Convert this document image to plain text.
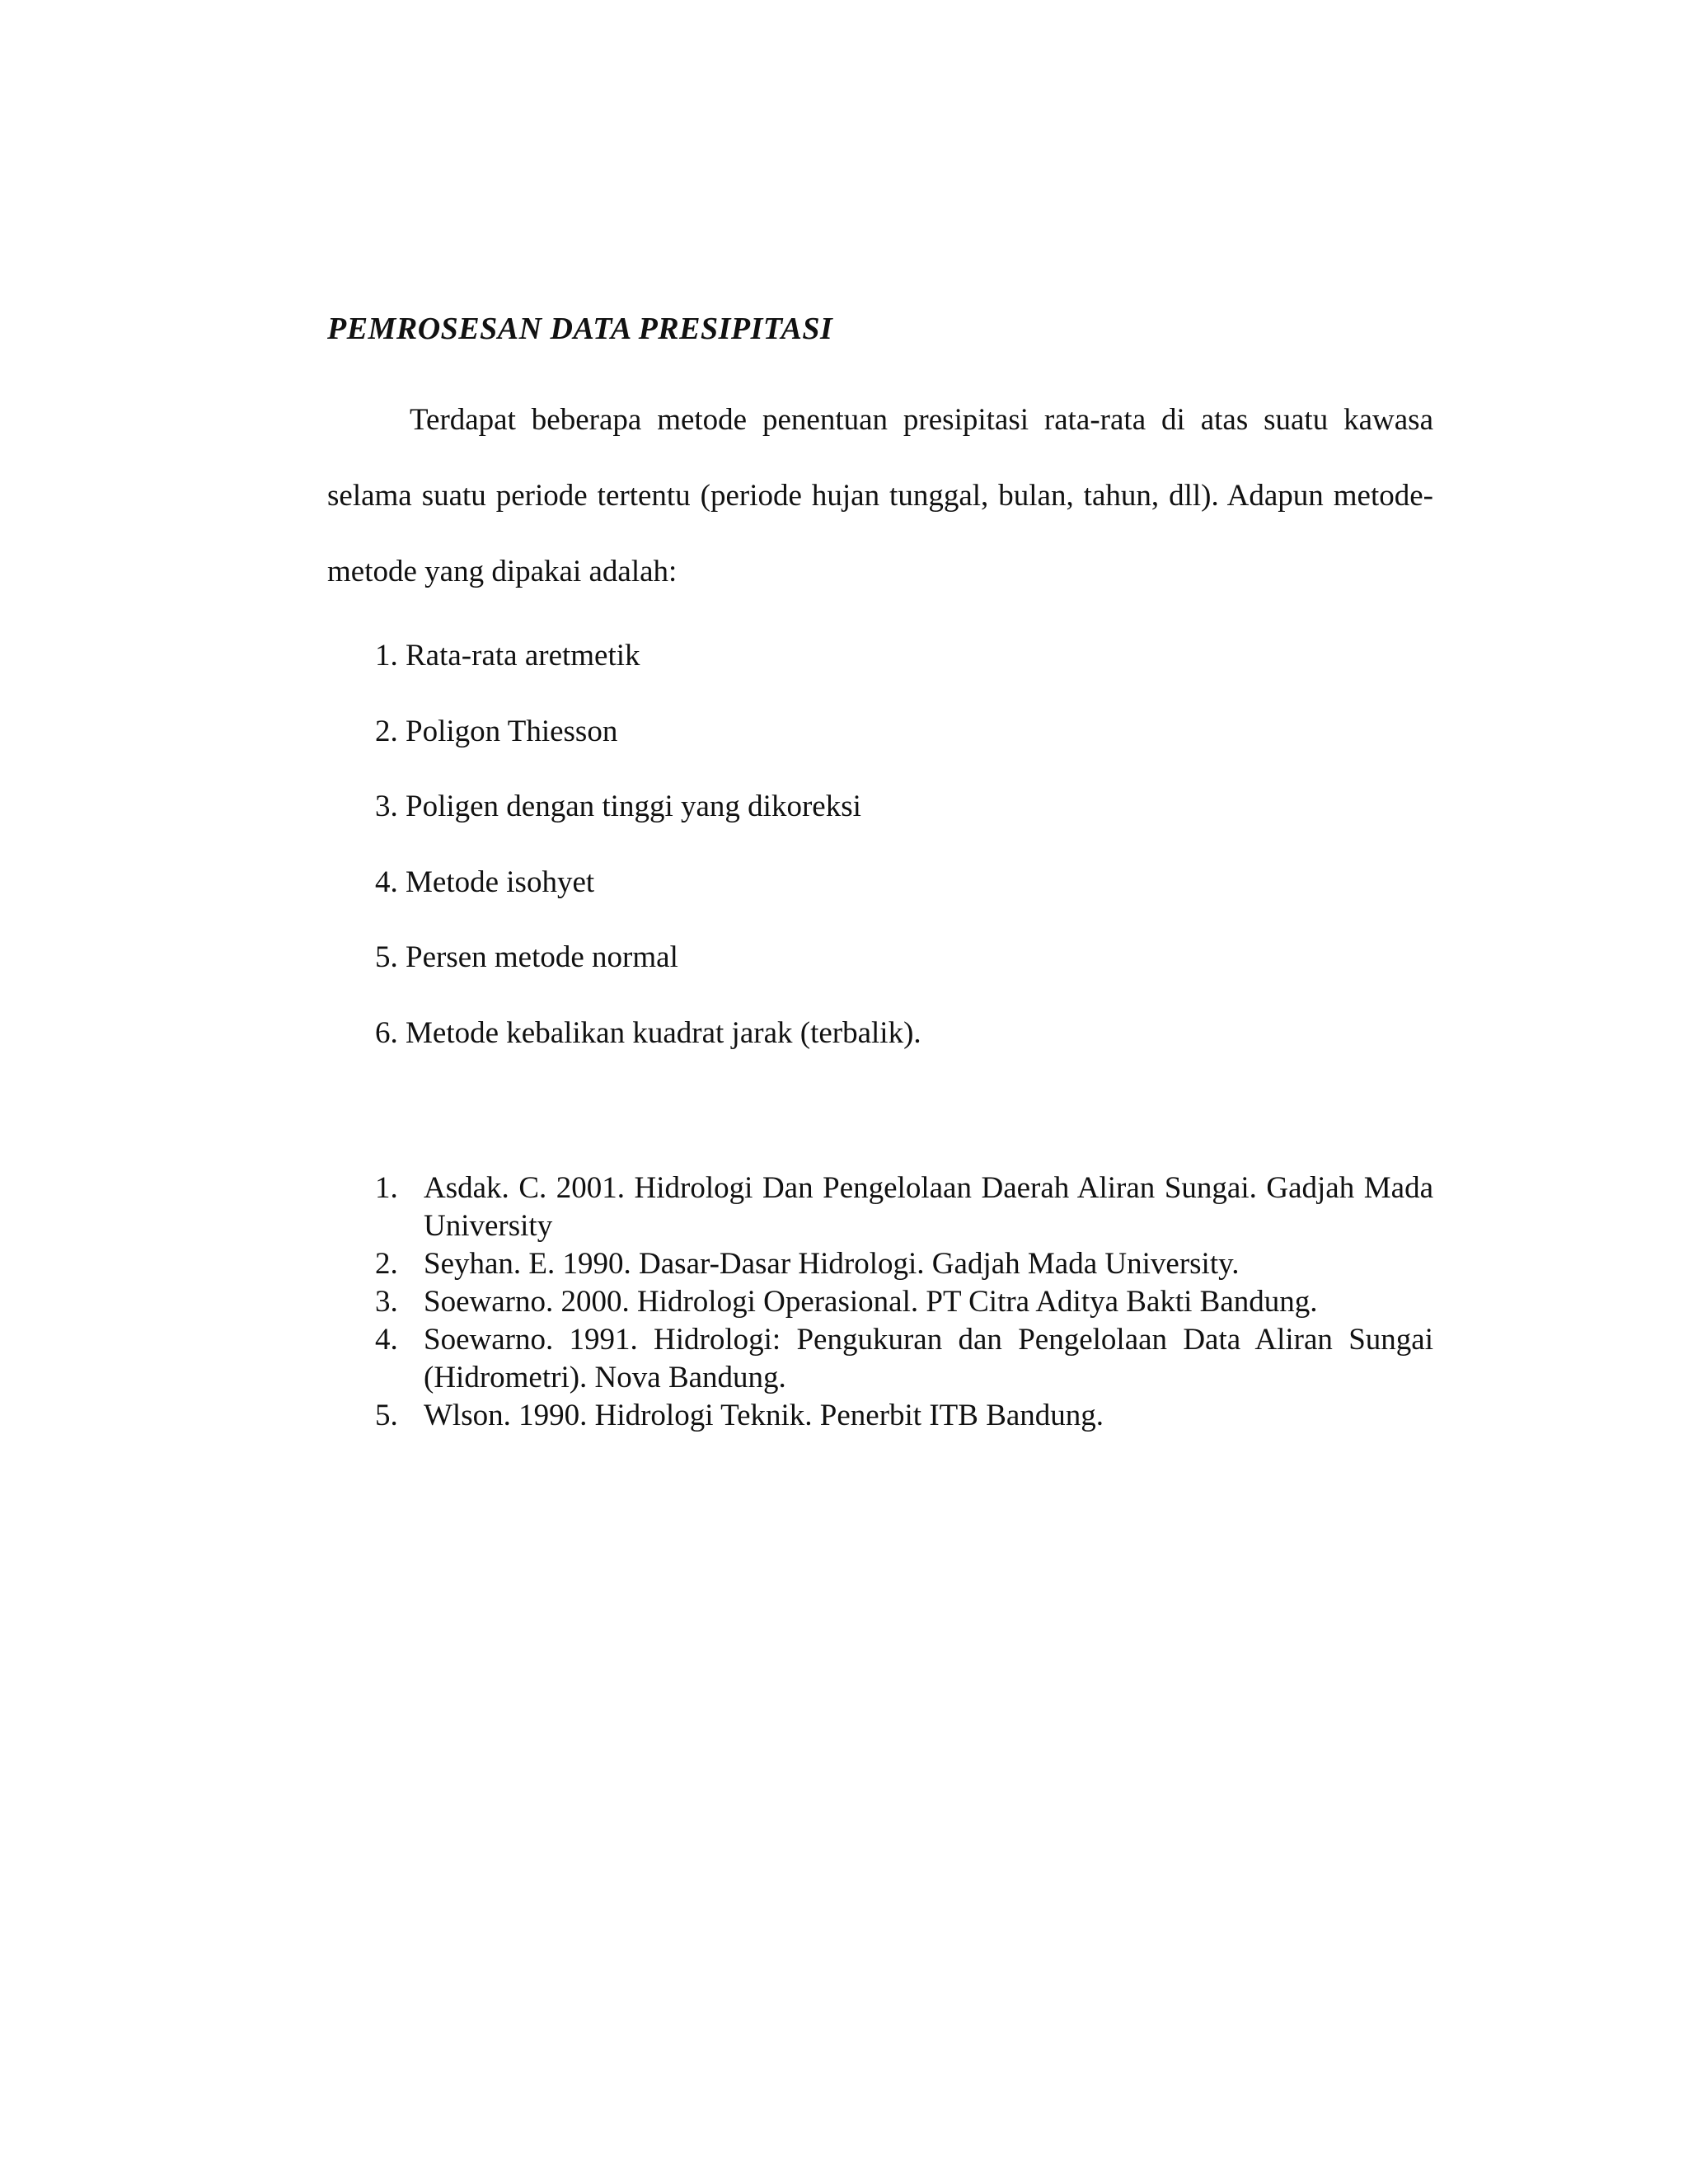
PEMROSESAN DATA PRESIPITASI

Terdapat beberapa metode penentuan presipitasi rata-rata di atas suatu kawasa selama suatu periode tertentu (periode hujan tunggal, bulan, tahun, dll). Adapun metode-metode yang dipakai adalah:

1. Rata-rata aretmetik
2. Poligon Thiesson
3. Poligen dengan tinggi yang dikoreksi
4. Metode isohyet
5. Persen metode normal
6. Metode kebalikan kuadrat jarak (terbalik).
1. Asdak. C. 2001. Hidrologi Dan Pengelolaan Daerah Aliran Sungai. Gadjah Mada University
2. Seyhan. E. 1990. Dasar-Dasar Hidrologi. Gadjah Mada University.
3. Soewarno. 2000. Hidrologi Operasional. PT Citra Aditya Bakti Bandung.
4. Soewarno. 1991. Hidrologi: Pengukuran dan Pengelolaan Data Aliran Sungai (Hidrometri). Nova Bandung.
5. Wlson. 1990. Hidrologi Teknik. Penerbit ITB Bandung.
